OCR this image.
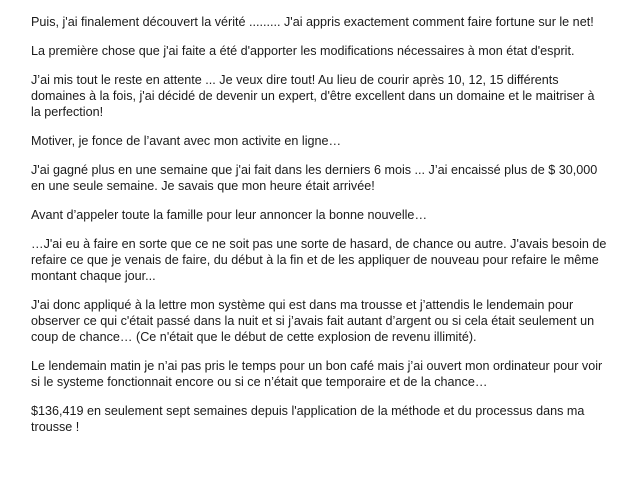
Puis, j'ai finalement découvert la vérité ......... J'ai appris exactement comment faire fortune sur le net!

La première chose que j'ai faite a été d'apporter les modifications nécessaires à mon état d'esprit.

J’ai mis tout le reste en attente ... Je veux dire tout! Au lieu de courir après 10, 12, 15 différents domaines à la fois, j'ai décidé de devenir un expert, d'être excellent dans un domaine et le maitriser à la perfection!

Motiver, je fonce de l’avant avec mon activite en ligne…

J'ai gagné plus en une semaine que j'ai fait dans les derniers 6 mois ... J’ai encaissé plus de $ 30,000 en une seule semaine. Je savais que mon heure était arrivée!

Avant d’appeler toute la famille pour leur annoncer la bonne nouvelle…

…J'ai eu à faire en sorte que ce ne soit pas une sorte de hasard, de chance ou autre. J'avais besoin de refaire ce que je venais de faire, du début à la fin et de les appliquer de nouveau pour refaire le même montant chaque jour...

J'ai donc appliqué à la lettre mon système qui est dans ma trousse et j’attendis le lendemain pour observer ce qui c'était passé dans la nuit et si j’avais fait autant d’argent ou si cela était seulement un coup de chance… (Ce n'était que le début de cette explosion de revenu illimité).

Le lendemain matin je n’ai pas pris le temps pour un bon café mais j’ai ouvert mon ordinateur pour voir si le systeme fonctionnait encore ou si ce n’était que temporaire et de la chance…

$136,419 en seulement sept semaines depuis l'application de la méthode et du processus dans ma trousse !
